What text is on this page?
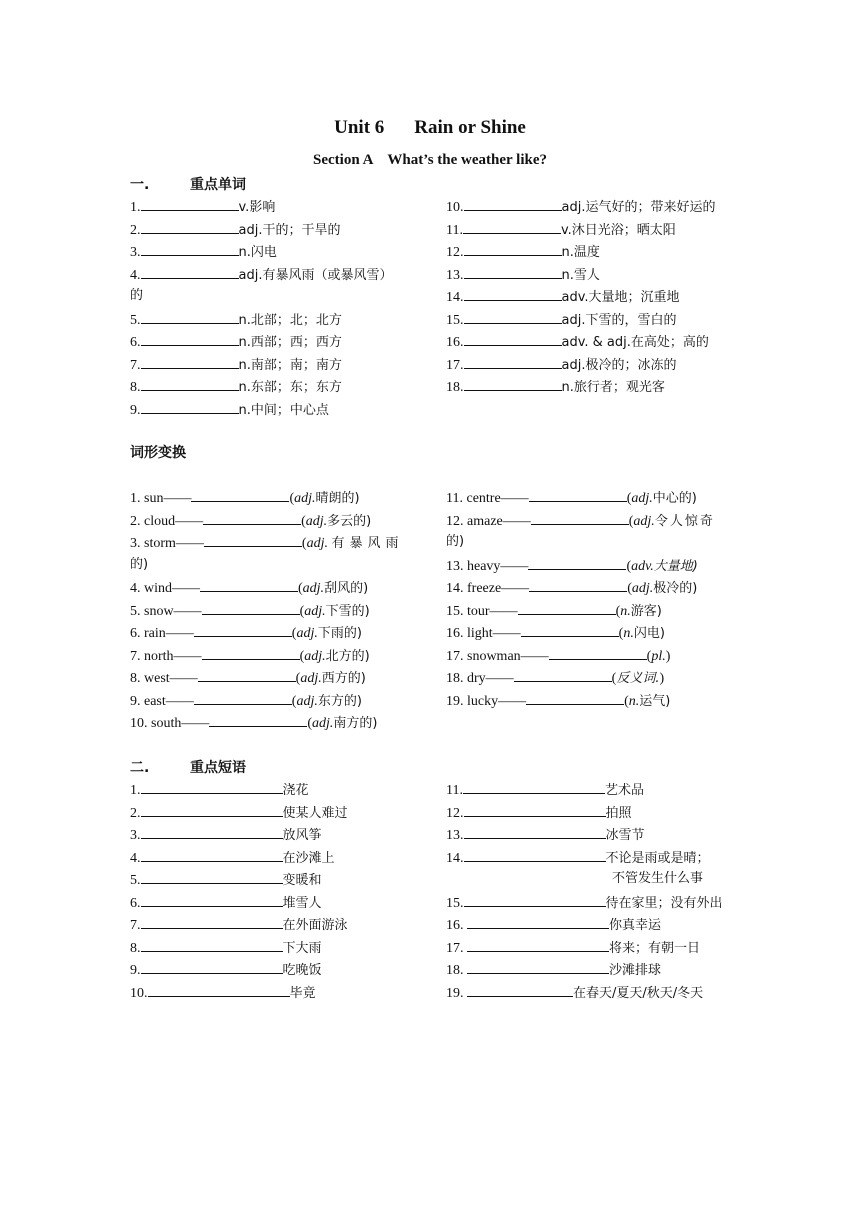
Unit 6 Rain or Shine
Section A What’s the weather like?
一.	重点单词
1.	v.影响
2.	adj.干的；干旱的
3.	n.闪电
4.	adj.有暴风雨（或暴风雪）
的
5.	n.北部；北；北方
6.	n.西部；西；西方
7.	n.南部；南；南方
8.	n.东部；东；东方
9.	n.中间；中心点
10.	adj.运气好的；带来好运的
11.	v.沐日光浴；晒太阳
12.	n.温度
13.	n.雪人
14.	adv.大量地；沉重地
15.	adj.下雪的，雪白的
16.	adv. & adj.在高处；高的
17.	adj.极冷的；冰冻的
18.	n.旅行者；观光客
词形变换
1. sun——	(adj.晴朗的)
2. cloud——	(adj.多云的)
3. storm——	(adj. 有暴风雨
的)
4. wind——	(adj.刮风的)
5. snow——	(adj.下雪的)
6. rain——	(adj.下雨的)
7. north——	(adj.北方的)
8. west——	(adj.西方的)
9. east——	(adj.东方的)
10. south——	(adj.南方的)
11. centre——	(adj.中心的)
12. amaze——	(adj.令人惊奇
的)
13. heavy——	(adv.大量地)
14. freeze——	(adj.极冷的)
15. tour——	(n.游客)
16. light——	(n.闪电)
17. snowman——	(pl.)
18. dry——	(反义词.)
19. lucky——	(n.运气)
二.	重点短语
1.	浇花
2.	使某人难过
3.	放风筝
4.	在沙滩上
5.	变暖和
6.	堆雪人
7.	在外面游泳
8.	下大雨
9.	吃晚饭
10.	毕竟
11.	艺术品
12.	拍照
13.	冰雪节
14.	不论是雨或是晴；
不管发生什么事
15.	待在家里；没有外出
16.	你真幸运
17.	将来；有朝一日
18.	沙滩排球
19.	在春天/夏天/秋天/冬天
